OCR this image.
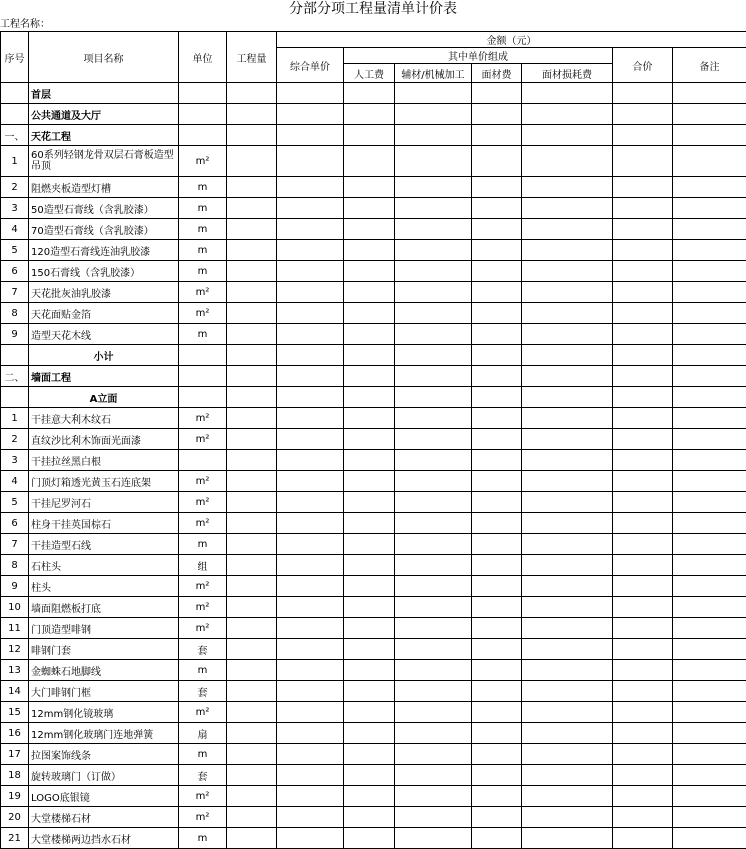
分部分项工程量清单计价表
工程名称：
序号	项目名称	单位	工程量	金额（元）						
				综合单价	其中单价组成				合价	备注
					人工费	辅材/机械加工	面材费	面材损耗费		
	首层									
	公共通道及大厅									
一、	天花工程									
1	60系列轻钢龙骨双层石膏板造型吊顶	m²								
2	阻燃夹板造型灯槽	m								
3	50造型石膏线（含乳胶漆）	m								
4	70造型石膏线（含乳胶漆）	m								
5	120造型石膏线连油乳胶漆	m								
6	150石膏线（含乳胶漆）	m								
7	天花批灰油乳胶漆	m²								
8	天花面贴金箔	m²								
9	造型天花木线	m								
	小计									
二、	墙面工程									
	A立面									
1	干挂意大利木纹石	m²								
2	直纹沙比利木饰面光面漆	m²								
3	干挂拉丝黑白根									
4	门顶灯箱透光黄玉石连底架	m²								
5	干挂尼罗河石	m²								
6	柱身干挂英国棕石	m²								
7	干挂造型石线	m								
8	石柱头	组								
9	柱头	m²								
10	墙面阻燃板打底	m²								
11	门顶造型啡钢	m²								
12	啡钢门套	套								
13	金蜘蛛石地脚线	m								
14	大门啡钢门框	套								
15	12mm钢化镜玻璃	m²								
16	12mm钢化玻璃门连地弹簧	扇								
17	拉图案饰线条	m								
18	旋转玻璃门（订做）	套								
19	LOGO底银镜	m²								
20	大堂楼梯石材	m²								
21	大堂楼梯两边挡水石材	m								
